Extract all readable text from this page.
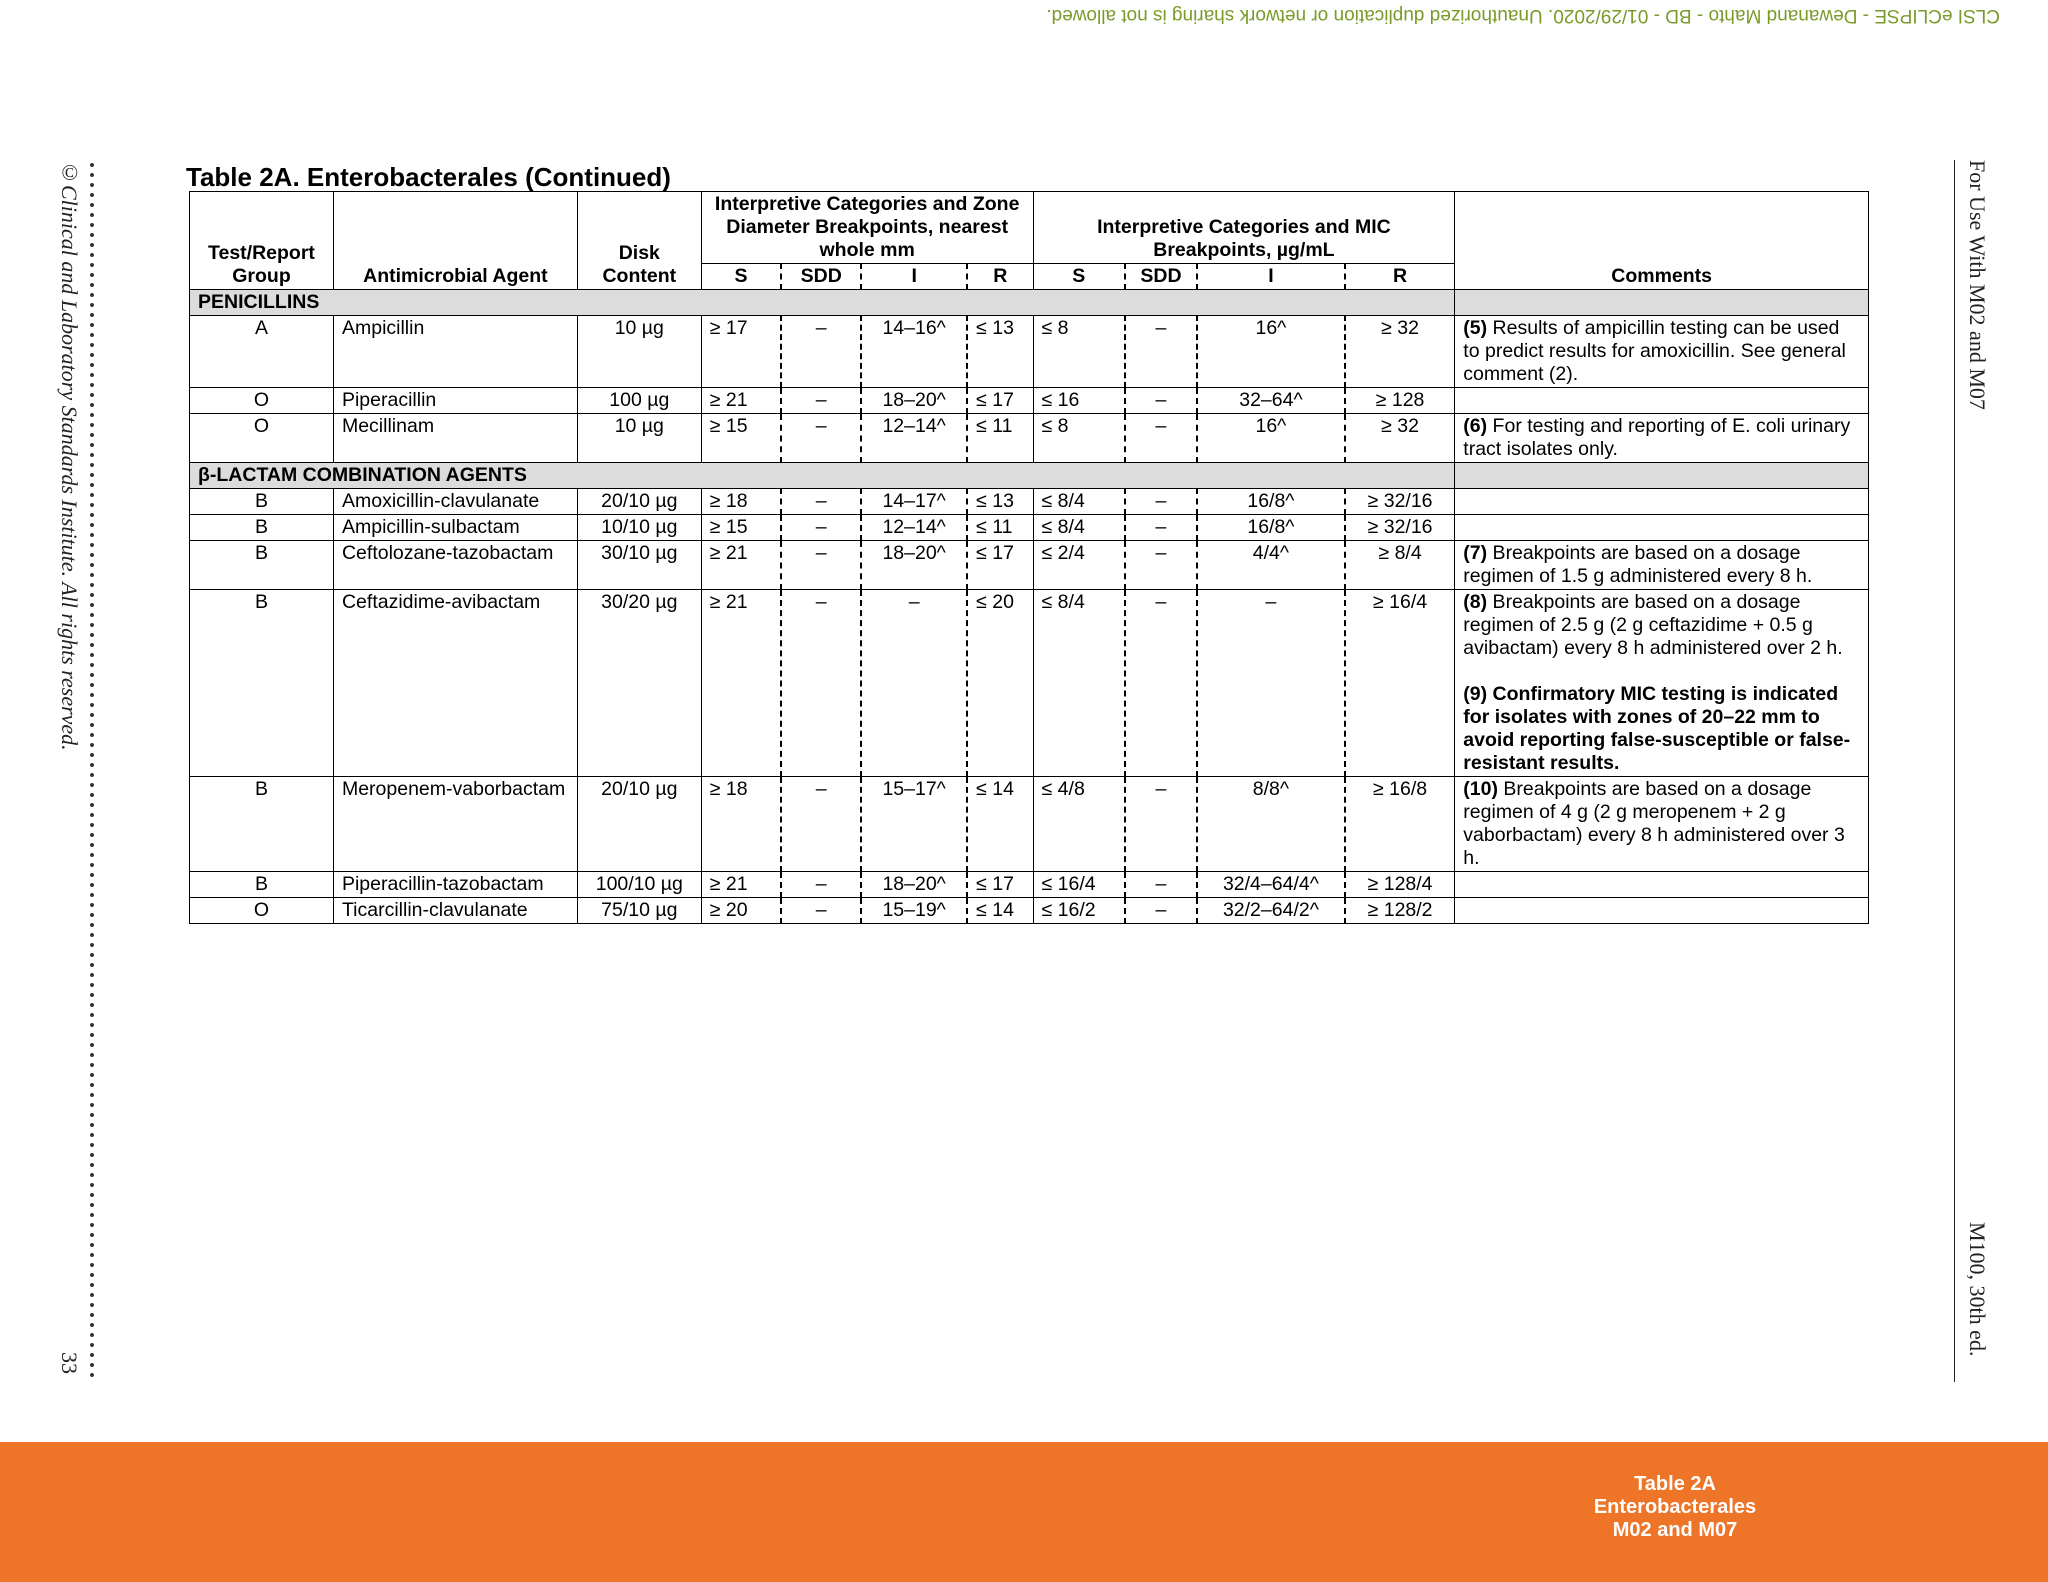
CLSI eCLIPSE - Dewanand Mahto - BD - 01/29/2020. Unauthorized duplication or network sharing is not allowed.
©Clinical and Laboratory Standards Institute. All rights reserved.
33
For Use With M02 and M07
M100, 30th ed.
Table 2A. Enterobacterales (Continued)
Test/Report Group	Antimicrobial Agent	Disk Content	Interpretive Categories and Zone Diameter Breakpoints, nearest whole mm				Interpretive Categories and MIC Breakpoints, µg/mL				Comments
			S	SDD	I	R	S	SDD	I	R	
PENICILLINS											
A	Ampicillin	10 µg	≥ 17	–	14–16^	≤ 13	≤ 8	–	16^	≥ 32	(5) Results of ampicillin testing can be used to predict results for amoxicillin. See general comment (2).
O	Piperacillin	100 µg	≥ 21	–	18–20^	≤ 17	≤ 16	–	32–64^	≥ 128	
O	Mecillinam	10 µg	≥ 15	–	12–14^	≤ 11	≤ 8	–	16^	≥ 32	(6) For testing and reporting of E. coli urinary tract isolates only.
β-LACTAM COMBINATION AGENTS											
B	Amoxicillin-clavulanate	20/10 µg	≥ 18	–	14–17^	≤ 13	≤ 8/4	–	16/8^	≥ 32/16	
B	Ampicillin-sulbactam	10/10 µg	≥ 15	–	12–14^	≤ 11	≤ 8/4	–	16/8^	≥ 32/16	
B	Ceftolozane-tazobactam	30/10 µg	≥ 21	–	18–20^	≤ 17	≤ 2/4	–	4/4^	≥ 8/4	(7) Breakpoints are based on a dosage regimen of 1.5 g administered every 8 h.
B	Ceftazidime-avibactam	30/20 µg	≥ 21	–	–	≤ 20	≤ 8/4	–	–	≥ 16/4	(8) Breakpoints are based on a dosage regimen of 2.5 g (2 g ceftazidime + 0.5 g avibactam) every 8 h administered over 2 h.
(9) Confirmatory MIC testing is indicated for isolates with zones of 20–22 mm to avoid reporting false-susceptible or false-resistant results.

B	Meropenem-vaborbactam	20/10 µg	≥ 18	–	15–17^	≤ 14	≤ 4/8	–	8/8^	≥ 16/8	(10) Breakpoints are based on a dosage regimen of 4 g (2 g meropenem + 2 g vaborbactam) every 8 h administered over 3 h.
B	Piperacillin-tazobactam	100/10 µg	≥ 21	–	18–20^	≤ 17	≤ 16/4	–	32/4–64/4^	≥ 128/4	
O	Ticarcillin-clavulanate	75/10 µg	≥ 20	–	15–19^	≤ 14	≤ 16/2	–	32/2–64/2^	≥ 128/2	
Table 2A
Enterobacterales
M02 and M07
